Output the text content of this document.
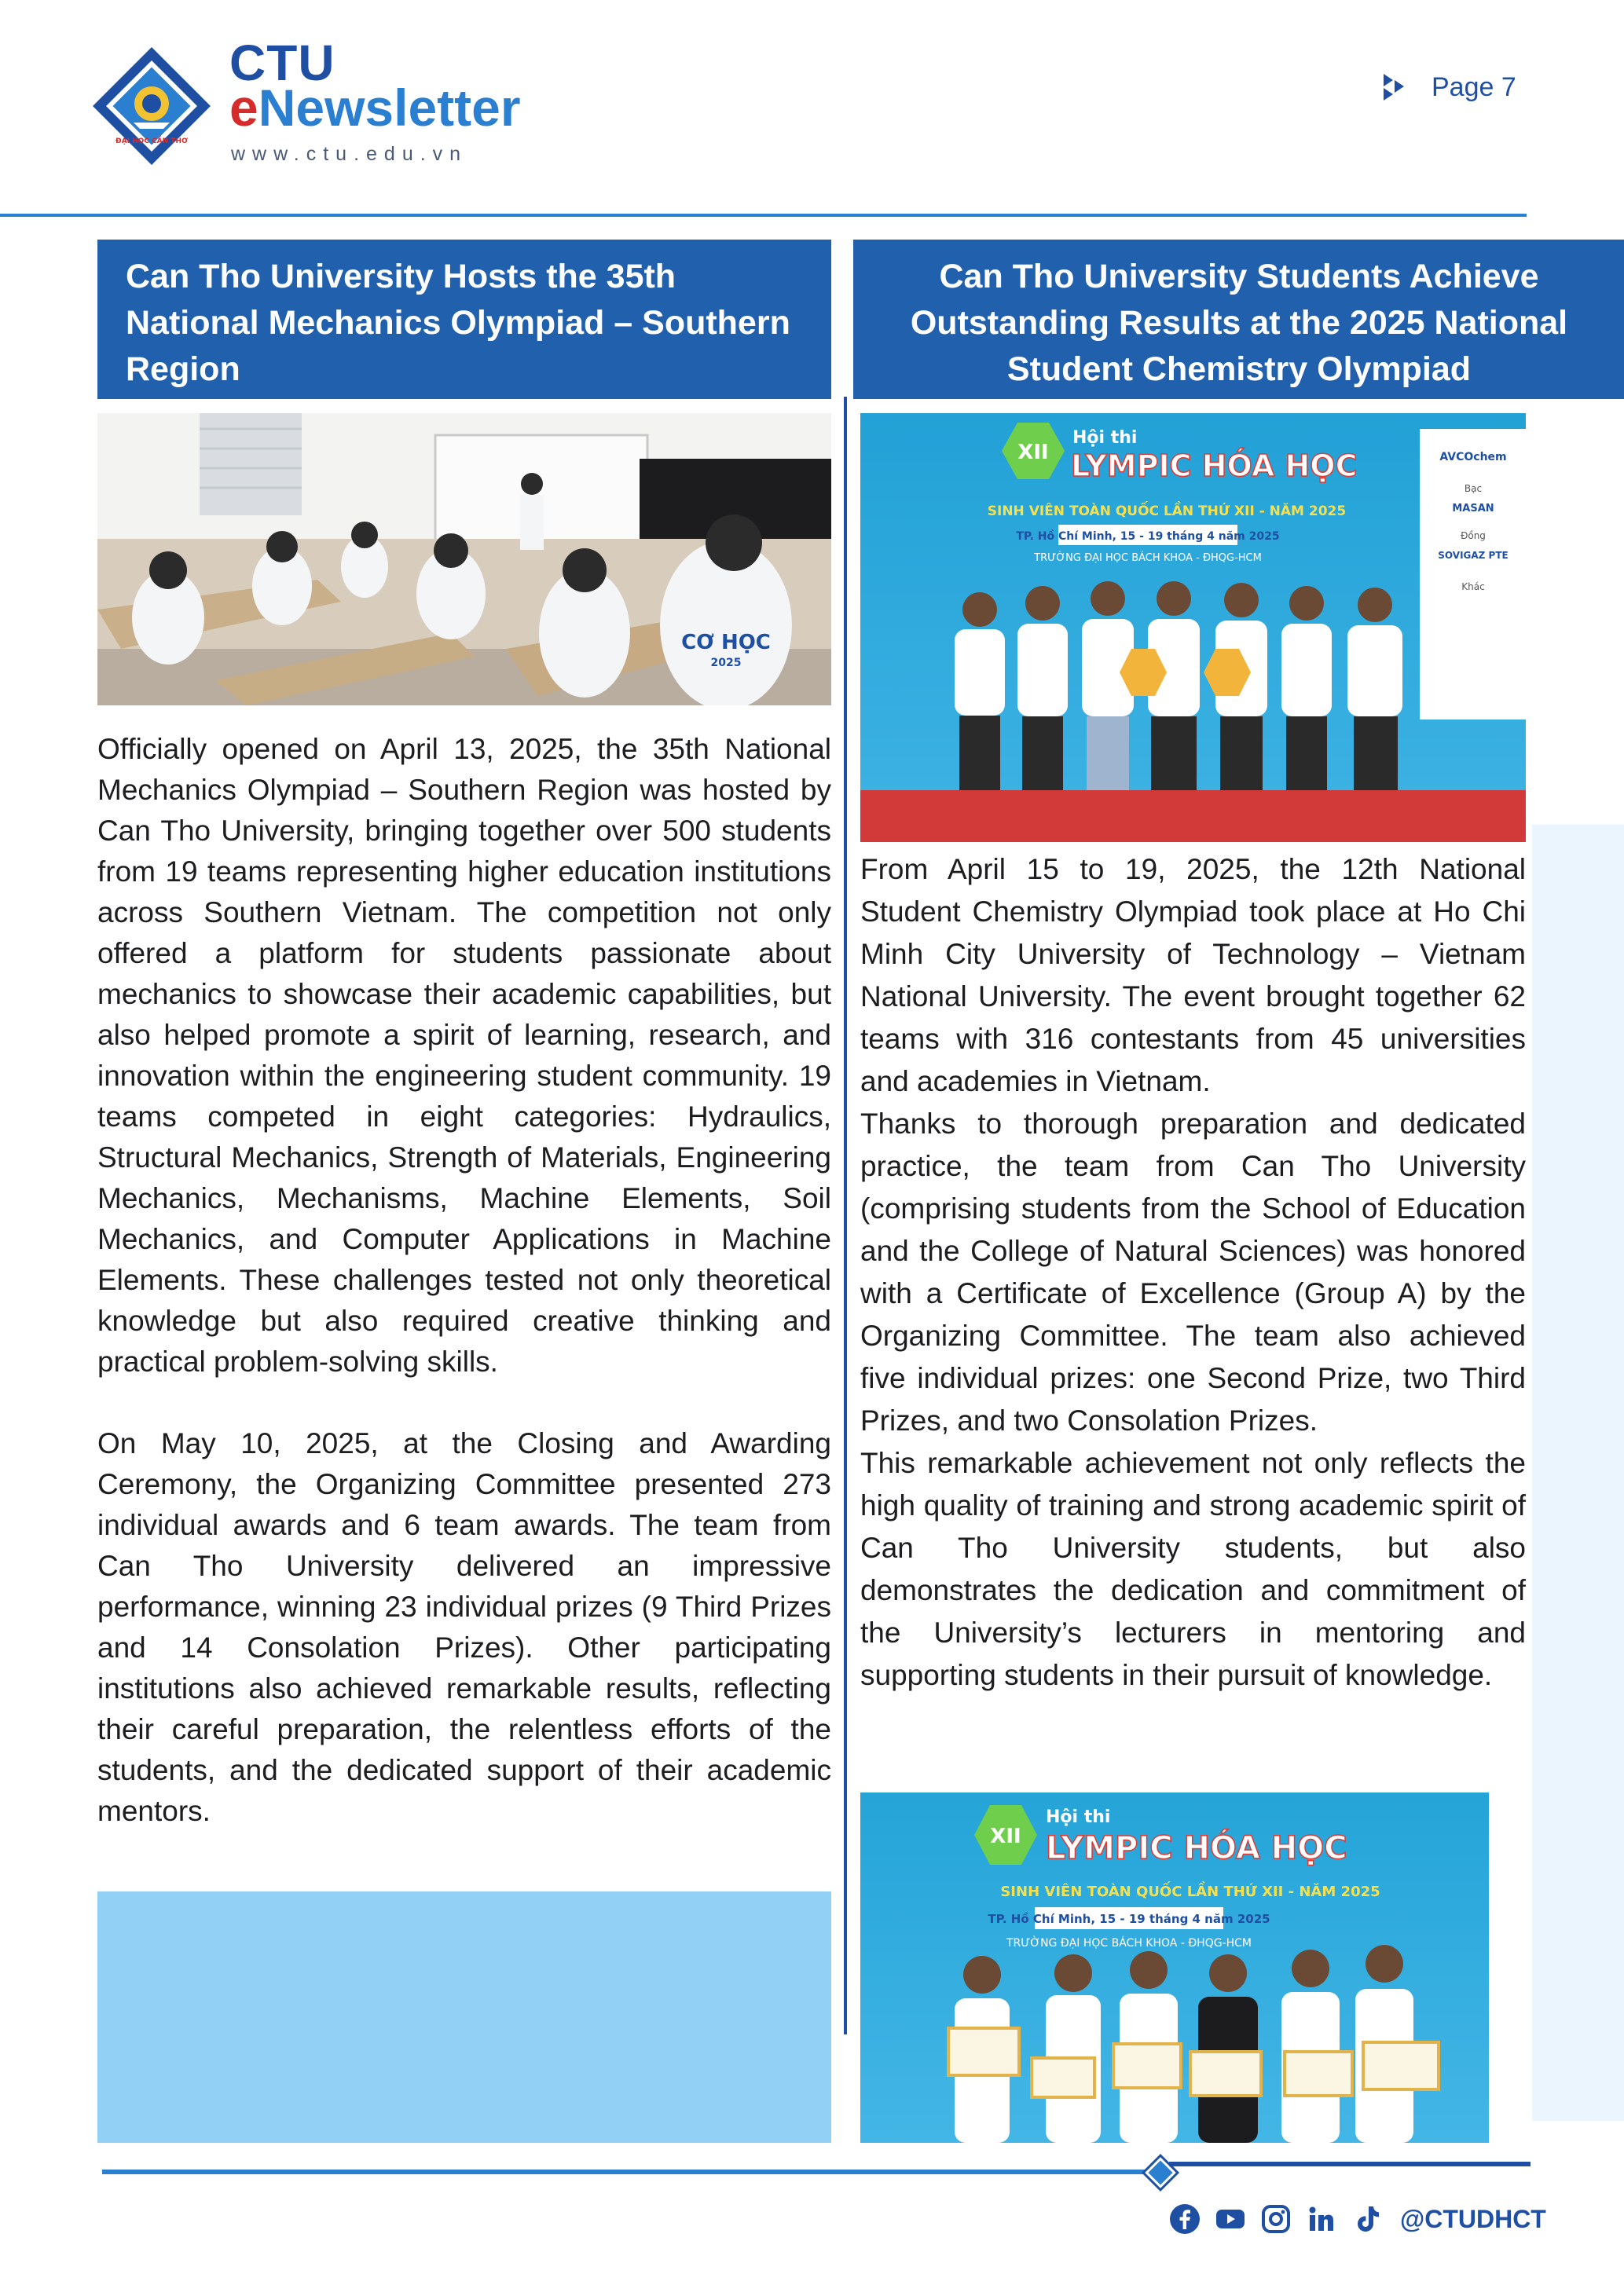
ĐẠI HỌC CẦN THƠ
CTU
eNewsletter
www.ctu.edu.vn
Page 7
Can Tho University Hosts the 35th National Mechanics Olympiad – Southern Region
CƠ HỌC
2025

Officially opened on April 13, 2025, the 35th National Mechanics Olympiad – Southern Region was hosted by Can Tho University, bringing together over 500 students from 19 teams representing higher education institutions across Southern Vietnam. The competition not only offered a platform for students passionate about mechanics to showcase their academic capabilities, but also helped promote a spirit of learning, research, and innovation within the engineering student community. 19 teams competed in eight categories: Hydraulics, Structural Mechanics, Strength of Materials, Engineering Mechanics, Mechanisms, Machine Elements, Soil Mechanics, and Computer Applications in Machine Elements. These challenges tested not only theoretical knowledge but also required creative thinking and practical problem-solving skills.

On May 10, 2025, at the Closing and Awarding Ceremony, the Organizing Committee presented 273 individual awards and 6 team awards. The team from Can Tho University delivered an impressive performance, winning 23 individual prizes (9 Third Prizes and 14 Consolation Prizes). Other participating institutions also achieved remarkable results, reflecting their careful preparation, the relentless efforts of the students, and the dedicated support of their academic mentors.

Can Tho University Students Achieve Outstanding Results at the 2025 National Student Chemistry Olympiad
XII
Hội thi
LYMPIC HÓA HỌC
SINH VIÊN TOÀN QUỐC LẦN THỨ XII - NĂM 2025
TP. Hồ Chí Minh, 15 - 19 tháng 4 năm 2025
TRƯỜNG ĐẠI HỌC BÁCH KHOA - ĐHQG-HCM
AVCOchem
Bạc
MASAN
Đồng
SOVIGAZ PTE
Khác

From April 15 to 19, 2025, the 12th National Student Chemistry Olympiad took place at Ho Chi Minh City University of Technology – Vietnam National University. The event brought together 62 teams with 316 contestants from 45 universities and academies in Vietnam.

Thanks to thorough preparation and dedicated practice, the team from Can Tho University (comprising students from the School of Education and the College of Natural Sciences) was honored with a Certificate of Excellence (Group A) by the Organizing Committee. The team also achieved five individual prizes: one Second Prize, two Third Prizes, and two Consolation Prizes.

This remarkable achievement not only reflects the high quality of training and strong academic spirit of Can Tho University students, but also demonstrates the dedication and commitment of the University’s lecturers in mentoring and supporting students in their pursuit of knowledge.

XII
Hội thi
LYMPIC HÓA HỌC
SINH VIÊN TOÀN QUỐC LẦN THỨ XII - NĂM 2025
TP. Hồ Chí Minh, 15 - 19 tháng 4 năm 2025
TRƯỜNG ĐẠI HỌC BÁCH KHOA - ĐHQG-HCM
@CTUDHCT
